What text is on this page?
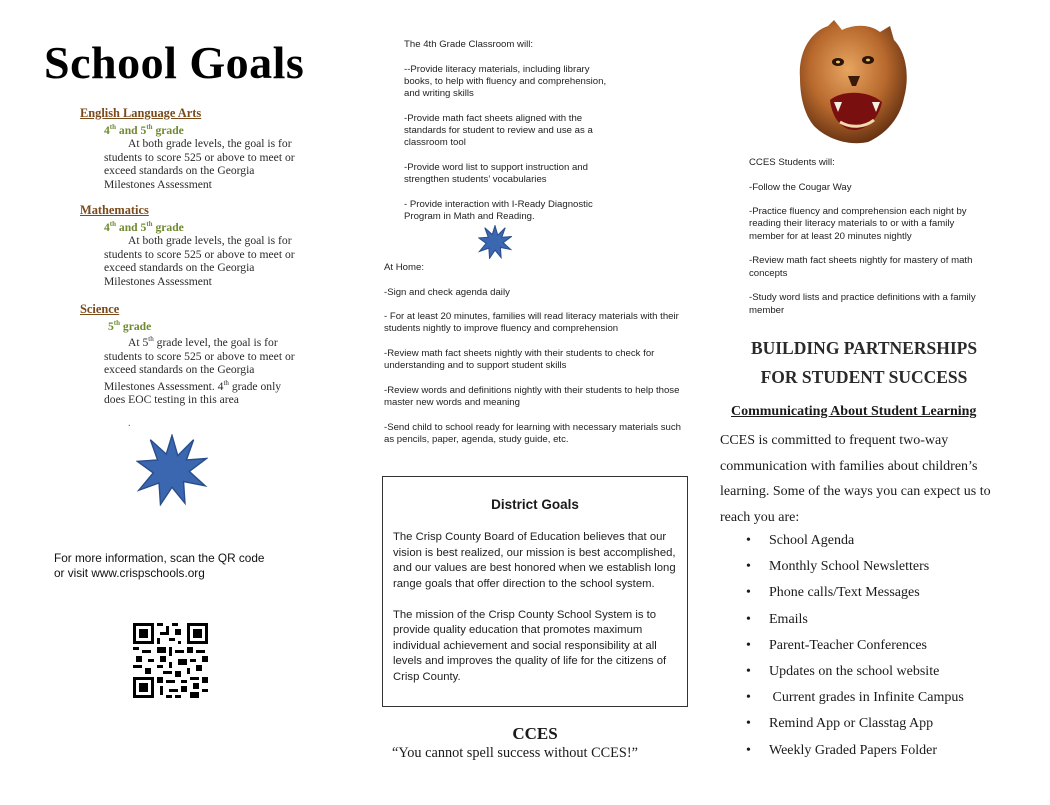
School Goals
English Language Arts
4th and 5th grade
At both grade levels, the goal is for students to score 525 or above to meet or exceed standards on the Georgia Milestones Assessment
Mathematics
4th and 5th grade
At both grade levels, the goal is for students to score 525 or above to meet or exceed standards on the Georgia Milestones Assessment
Science
5th grade
At 5th grade level, the goal is for students to score 525 or above to meet or exceed standards on the Georgia Milestones Assessment. 4th grade only does EOC testing in this area
.
For more information, scan the QR code
or visit www.crispschools.org

The 4th Grade Classroom will:

--Provide literacy materials, including library books, to help with fluency and comprehension, and writing skills

-Provide math fact sheets aligned with the standards for student to review and use as a classroom tool

-Provide word list to support instruction and strengthen students’ vocabularies

- Provide interaction with I-Ready Diagnostic Program in Math and Reading.

At Home:

-Sign and check agenda daily

- For at least 20 minutes, families will read literacy materials with their students nightly to improve fluency and comprehension

-Review math fact sheets nightly with their students to check for understanding and to support student skills

-Review words and definitions nightly with their students to help those master new words and meaning

-Send child to school ready for learning with necessary materials such as pencils, paper, agenda, study guide, etc.

District Goals

The Crisp County Board of Education believes that our vision is best realized, our mission is best accomplished, and our values are best honored when we establish long range goals that offer direction to the school system.

The mission of the Crisp County School System is to provide quality education that promotes maximum individual achievement and social responsibility at all levels and improves the quality of life for the citizens of Crisp County.

CCES
“You cannot spell success without CCES!”

CCES Students will:

-Follow the Cougar Way

-Practice fluency and comprehension each night by reading their literacy materials to or with a family member for at least 20 minutes nightly

-Review math fact sheets nightly for mastery of math concepts

-Study word lists and practice definitions with a family member

BUILDING PARTNERSHIPS
FOR STUDENT SUCCESS
Communicating About Student Learning
CCES is committed to frequent two-way communication with families about children’s learning. Some of the ways you can expect us to reach you are:
• School Agenda
• Monthly School Newsletters
• Phone calls/Text Messages
• Emails
• Parent-Teacher Conferences
• Updates on the school website
•  Current grades in Infinite Campus
• Remind App or Classtag App
• Weekly Graded Papers Folder
